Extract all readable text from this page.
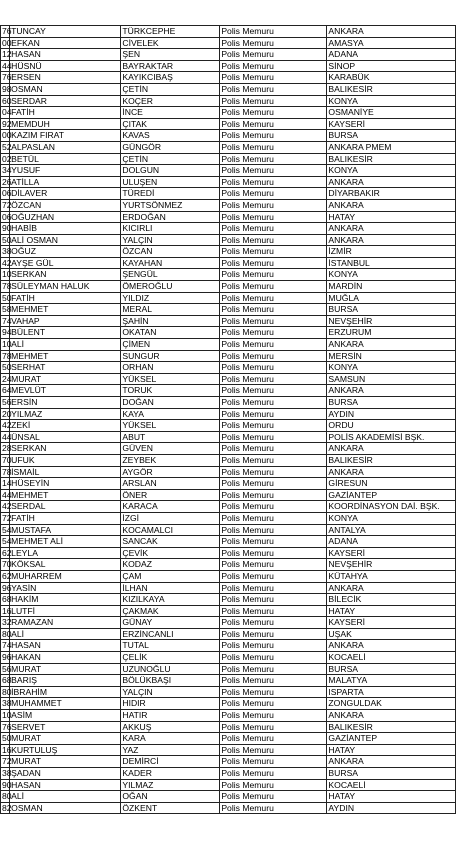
76	TUNCAY	TÜRKCEPHE	Polis Memuru	ANKARA
00	EFKAN	CİVELEK	Polis Memuru	AMASYA
12	HASAN	ŞEN	Polis Memuru	ADANA
44	HÜSNÜ	BAYRAKTAR	Polis Memuru	SİNOP
76	ERSEN	KAYIKCIBAŞ	Polis Memuru	KARABÜK
98	OSMAN	ÇETİN	Polis Memuru	BALIKESİR
60	SERDAR	KOÇER	Polis Memuru	KONYA
04	FATİH	İNCE	Polis Memuru	OSMANİYE
92	MEMDUH	ÇITAK	Polis Memuru	KAYSERİ
00	KAZIM FIRAT	KAVAS	Polis Memuru	BURSA
52	ALPASLAN	GÜNGÖR	Polis Memuru	ANKARA PMEM
02	BETÜL	ÇETİN	Polis Memuru	BALIKESİR
34	YUSUF	DOLGUN	Polis Memuru	KONYA
26	ATİLLA	ULUŞEN	Polis Memuru	ANKARA
06	DİLAVER	TÜREDİ	Polis Memuru	DİYARBAKIR
72	ÖZCAN	YURTSÖNMEZ	Polis Memuru	ANKARA
06	OĞUZHAN	ERDOĞAN	Polis Memuru	HATAY
90	HABİB	KICIRLI	Polis Memuru	ANKARA
50	ALİ OSMAN	YALÇIN	Polis Memuru	ANKARA
38	OĞUZ	ÖZCAN	Polis Memuru	İZMİR
42	AYŞE GÜL	KAYAHAN	Polis Memuru	İSTANBUL
10	SERKAN	ŞENGÜL	Polis Memuru	KONYA
78	SÜLEYMAN HALUK	ÖMEROĞLU	Polis Memuru	MARDİN
50	FATİH	YILDIZ	Polis Memuru	MUĞLA
58	MEHMET	MERAL	Polis Memuru	BURSA
74	VAHAP	ŞAHİN	Polis Memuru	NEVŞEHİR
94	BÜLENT	OKATAN	Polis Memuru	ERZURUM
10	ALİ	ÇİMEN	Polis Memuru	ANKARA
78	MEHMET	SUNGUR	Polis Memuru	MERSİN
50	SERHAT	ORHAN	Polis Memuru	KONYA
24	MURAT	YÜKSEL	Polis Memuru	SAMSUN
64	MEVLÜT	TORUK	Polis Memuru	ANKARA
56	ERSİN	DOĞAN	Polis Memuru	BURSA
20	YILMAZ	KAYA	Polis Memuru	AYDIN
42	ZEKİ	YÜKSEL	Polis Memuru	ORDU
44	ÜNSAL	ABUT	Polis Memuru	POLİS AKADEMİSİ BŞK.
28	SERKAN	GÜVEN	Polis Memuru	ANKARA
70	UFUK	ZEYBEK	Polis Memuru	BALIKESİR
78	İSMAİL	AYGÖR	Polis Memuru	ANKARA
14	HÜSEYİN	ARSLAN	Polis Memuru	GİRESUN
44	MEHMET	ÖNER	Polis Memuru	GAZİANTEP
42	SERDAL	KARACA	Polis Memuru	KOORDİNASYON DAİ. BŞK.
72	FATİH	İZGİ	Polis Memuru	KONYA
54	MUSTAFA	KOCAMALCI	Polis Memuru	ANTALYA
54	MEHMET ALİ	SANCAK	Polis Memuru	ADANA
62	LEYLA	ÇEVİK	Polis Memuru	KAYSERİ
70	KÖKSAL	KODAZ	Polis Memuru	NEVŞEHİR
62	MUHARREM	ÇAM	Polis Memuru	KÜTAHYA
96	YASİN	İLHAN	Polis Memuru	ANKARA
68	HAKİM	KIZILKAYA	Polis Memuru	BİLECİK
16	LUTFİ	ÇAKMAK	Polis Memuru	HATAY
32	RAMAZAN	GÜNAY	Polis Memuru	KAYSERİ
80	ALİ	ERZİNCANLI	Polis Memuru	UŞAK
74	HASAN	TUTAL	Polis Memuru	ANKARA
96	HAKAN	ÇELİK	Polis Memuru	KOCAELİ
56	MURAT	UZUNOĞLU	Polis Memuru	BURSA
68	BARIŞ	BÖLÜKBAŞI	Polis Memuru	MALATYA
80	İBRAHİM	YALÇIN	Polis Memuru	ISPARTA
38	MUHAMMET	HIDIR	Polis Memuru	ZONGULDAK
10	ASİM	HATIR	Polis Memuru	ANKARA
76	SERVET	AKKUŞ	Polis Memuru	BALIKESİR
50	MURAT	KARA	Polis Memuru	GAZİANTEP
16	KURTULUŞ	YAZ	Polis Memuru	HATAY
72	MURAT	DEMİRCİ	Polis Memuru	ANKARA
38	ŞADAN	KADER	Polis Memuru	BURSA
90	HASAN	YILMAZ	Polis Memuru	KOCAELİ
80	ALİ	OĞAN	Polis Memuru	HATAY
82	OSMAN	ÖZKENT	Polis Memuru	AYDIN
